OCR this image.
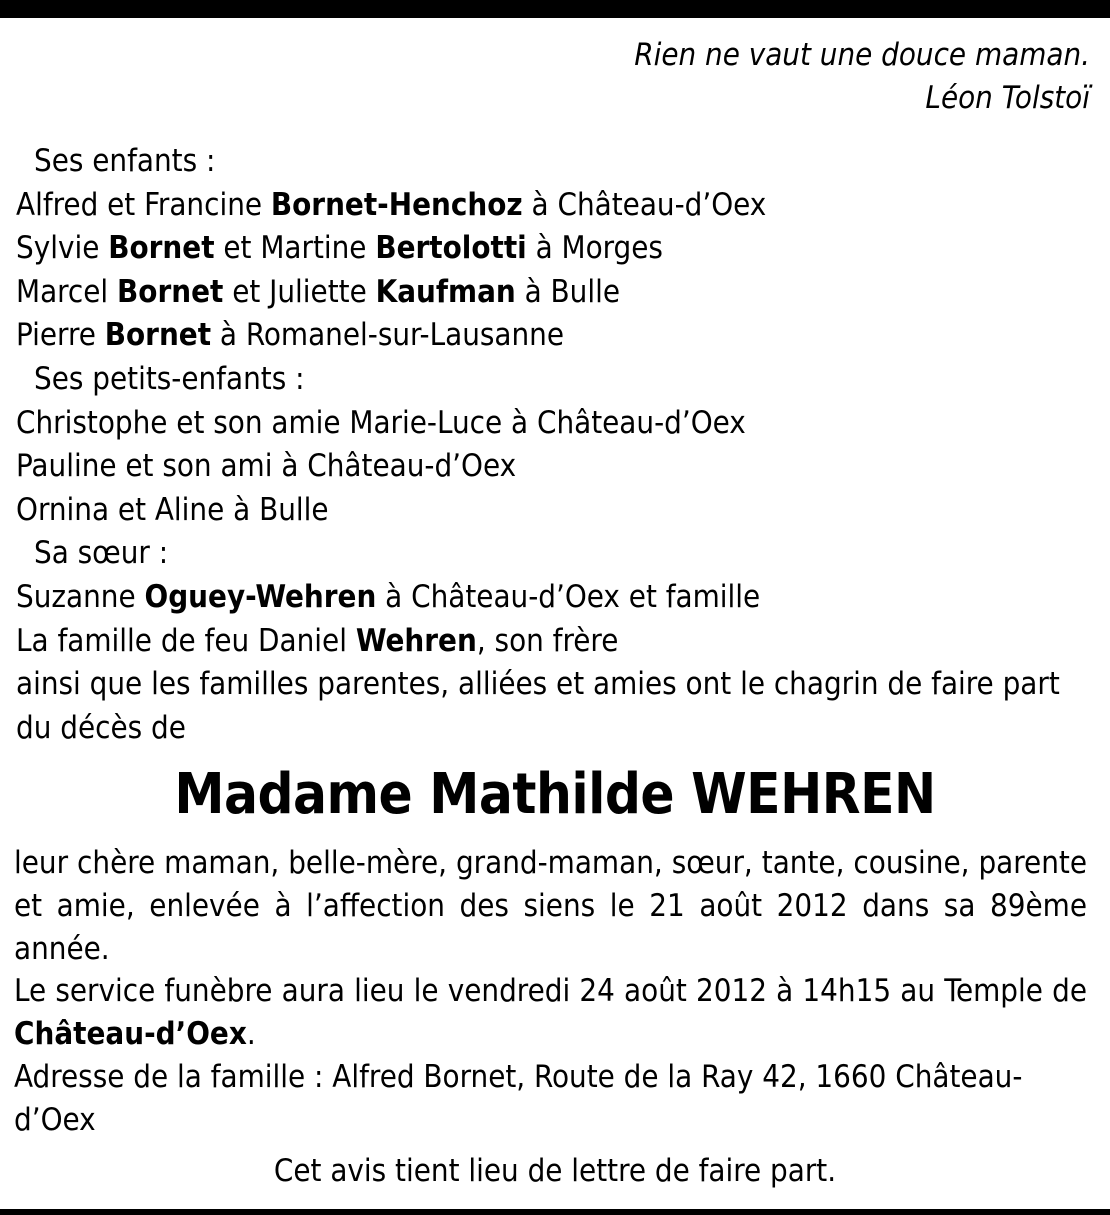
Rien ne vaut une douce maman.
Léon Tolstoï
Ses enfants :
Alfred et Francine Bornet-Henchoz à Château-d’Oex
Sylvie Bornet et Martine Bertolotti à Morges
Marcel Bornet et Juliette Kaufman à Bulle
Pierre Bornet à Romanel-sur-Lausanne
Ses petits-enfants :
Christophe et son amie Marie-Luce à Château-d’Oex
Pauline et son ami à Château-d’Oex
Ornina et Aline à Bulle
Sa sœur :
Suzanne Oguey-Wehren à Château-d’Oex et famille
La famille de feu Daniel Wehren, son frère
ainsi que les familles parentes, alliées et amies ont le chagrin de faire part du décès de
Madame Mathilde WEHREN

leur chère maman, belle-mère, grand-maman, sœur, tante, cousine, parente et amie, enlevée à l’affection des siens le 21 août 2012 dans sa 89ème année.

Le service funèbre aura lieu le vendredi 24 août 2012 à 14h15 au Temple de Château-d’Oex.

Adresse de la famille : Alfred Bornet, Route de la Ray 42, 1660 Château-d’Oex

Cet avis tient lieu de lettre de faire part.
